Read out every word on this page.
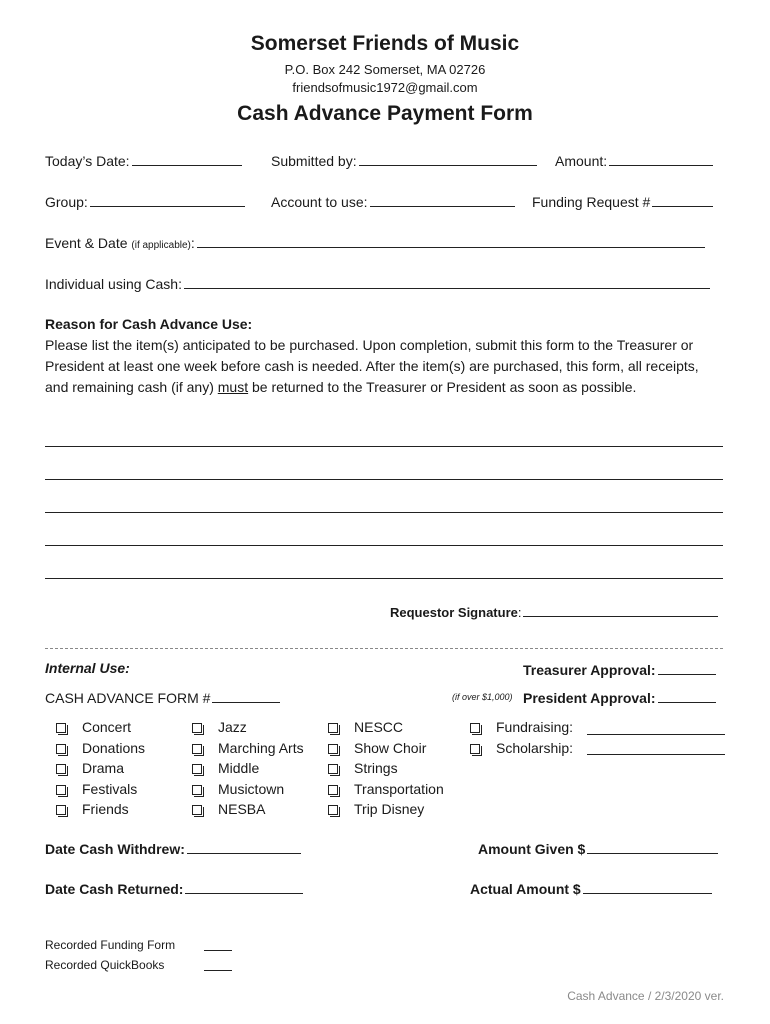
Somerset Friends of Music
P.O. Box 242 Somerset, MA 02726
friendsofmusic1972@gmail.com
Cash Advance Payment Form
Today’s Date:	Submitted by:	Amount:
Group:	Account to use:	Funding Request #
Event & Date (if applicable):
Individual using Cash:
Reason for Cash Advance Use:
Please list the item(s) anticipated to be purchased. Upon completion, submit this form to the Treasurer or President at least one week before cash is needed. After the item(s) are purchased, this form, all receipts, and remaining cash (if any) must be returned to the Treasurer or President as soon as possible.
Requestor Signature:
Internal Use:	Treasurer Approval:
CASH ADVANCE FORM #	(if over $1,000) President Approval:
Concert
Donations
Drama
Festivals
Friends
Jazz
Marching Arts
Middle
Musictown
NESBA
NESCC
Show Choir
Strings
Transportation
Trip Disney
Fundraising:
Scholarship:
Date Cash Withdrew:	Amount Given $
Date Cash Returned:	Actual Amount $
Recorded Funding Form
Recorded QuickBooks
Cash Advance / 2/3/2020 ver.
